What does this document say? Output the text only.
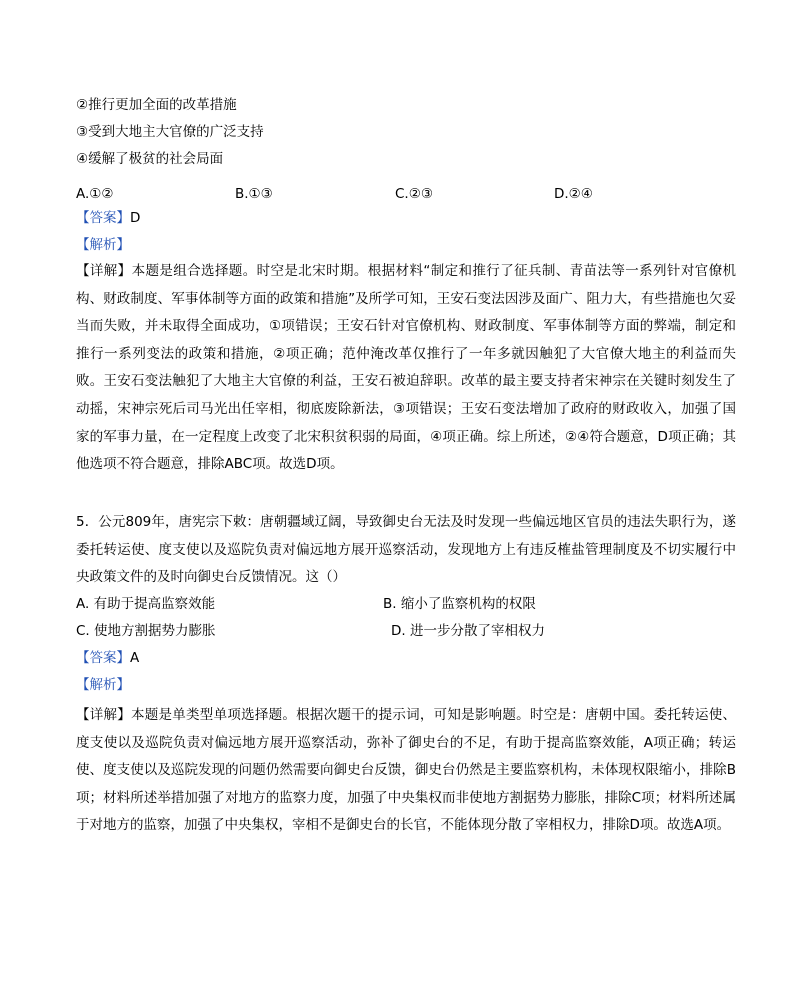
②推行更加全面的改革措施
③受到大地主大官僚的广泛支持
④缓解了极贫的社会局面
A.①②	B.①③	C.②③	D.②④
【答案】D
【解析】
【详解】本题是组合选择题。时空是北宋时期。根据材料“制定和推行了征兵制、青苗法等一系列针对官僚机构、财政制度、军事体制等方面的政策和措施”及所学可知，王安石变法因涉及面广、阻力大，有些措施也欠妥当而失败，并未取得全面成功，①项错误；王安石针对官僚机构、财政制度、军事体制等方面的弊端，制定和推行一系列变法的政策和措施，②项正确；范仲淹改革仅推行了一年多就因触犯了大官僚大地主的利益而失败。王安石变法触犯了大地主大官僚的利益，王安石被迫辞职。改革的最主要支持者宋神宗在关键时刻发生了动摇，宋神宗死后司马光出任宰相，彻底废除新法，③项错误；王安石变法增加了政府的财政收入，加强了国家的军事力量，在一定程度上改变了北宋积贫积弱的局面，④项正确。综上所述，②④符合题意，D项正确；其他选项不符合题意，排除ABC项。故选D项。
5．公元809年，唐宪宗下敕：唐朝疆域辽阔，导致御史台无法及时发现一些偏远地区官员的违法失职行为，遂委托转运使、度支使以及巡院负责对偏远地方展开巡察活动，发现地方上有违反榷盐管理制度及不切实履行中央政策文件的及时向御史台反馈情况。这（）
A. 有助于提高监察效能	B. 缩小了监察机构的权限
C. 使地方割据势力膨胀	D. 进一步分散了宰相权力
【答案】A
【解析】
【详解】本题是单类型单项选择题。根据次题干的提示词，可知是影响题。时空是：唐朝中国。委托转运使、度支使以及巡院负责对偏远地方展开巡察活动，弥补了御史台的不足，有助于提高监察效能，A项正确；转运使、度支使以及巡院发现的问题仍然需要向御史台反馈，御史台仍然是主要监察机构，未体现权限缩小，排除B项；材料所述举措加强了对地方的监察力度，加强了中央集权而非使地方割据势力膨胀，排除C项；材料所述属于对地方的监察，加强了中央集权，宰相不是御史台的长官，不能体现分散了宰相权力，排除D项。故选A项。
